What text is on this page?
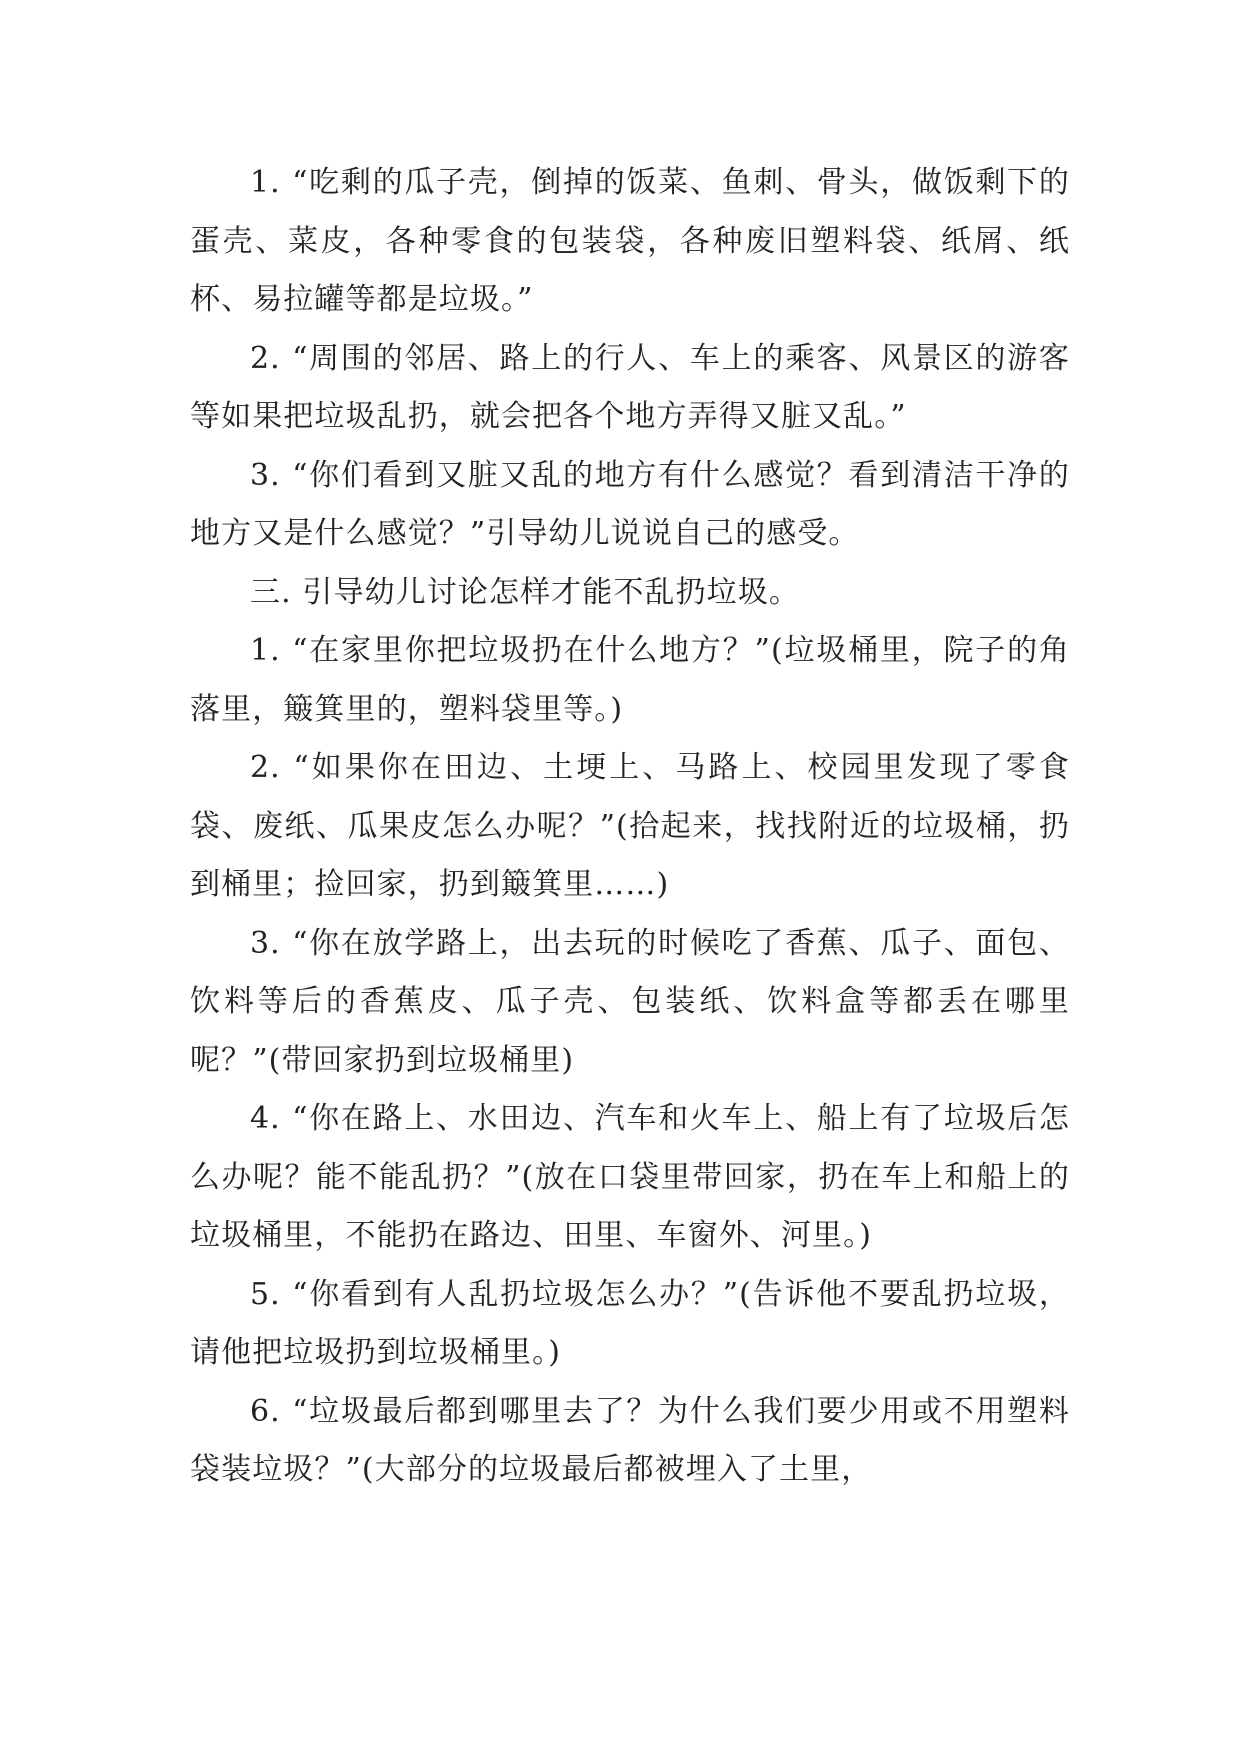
1. “吃剩的瓜子壳，倒掉的饭菜、鱼刺、骨头，做饭剩下的蛋壳、菜皮，各种零食的包装袋，各种废旧塑料袋、纸屑、纸杯、易拉罐等都是垃圾。”

2. “周围的邻居、路上的行人、车上的乘客、风景区的游客等如果把垃圾乱扔，就会把各个地方弄得又脏又乱。”

3. “你们看到又脏又乱的地方有什么感觉？看到清洁干净的地方又是什么感觉？”引导幼儿说说自己的感受。

三. 引导幼儿讨论怎样才能不乱扔垃圾。

1. “在家里你把垃圾扔在什么地方？”(垃圾桶里，院子的角落里，簸箕里的，塑料袋里等。)

2. “如果你在田边、土埂上、马路上、校园里发现了零食袋、废纸、瓜果皮怎么办呢？”(拾起来，找找附近的垃圾桶，扔到桶里；捡回家，扔到簸箕里……)

3. “你在放学路上，出去玩的时候吃了香蕉、瓜子、面包、饮料等后的香蕉皮、瓜子壳、包装纸、饮料盒等都丢在哪里呢？”(带回家扔到垃圾桶里)

4. “你在路上、水田边、汽车和火车上、船上有了垃圾后怎么办呢？能不能乱扔？”(放在口袋里带回家，扔在车上和船上的垃圾桶里，不能扔在路边、田里、车窗外、河里。)

5. “你看到有人乱扔垃圾怎么办？”(告诉他不要乱扔垃圾，请他把垃圾扔到垃圾桶里。)

6. “垃圾最后都到哪里去了？为什么我们要少用或不用塑料袋装垃圾？”(大部分的垃圾最后都被埋入了土里，
